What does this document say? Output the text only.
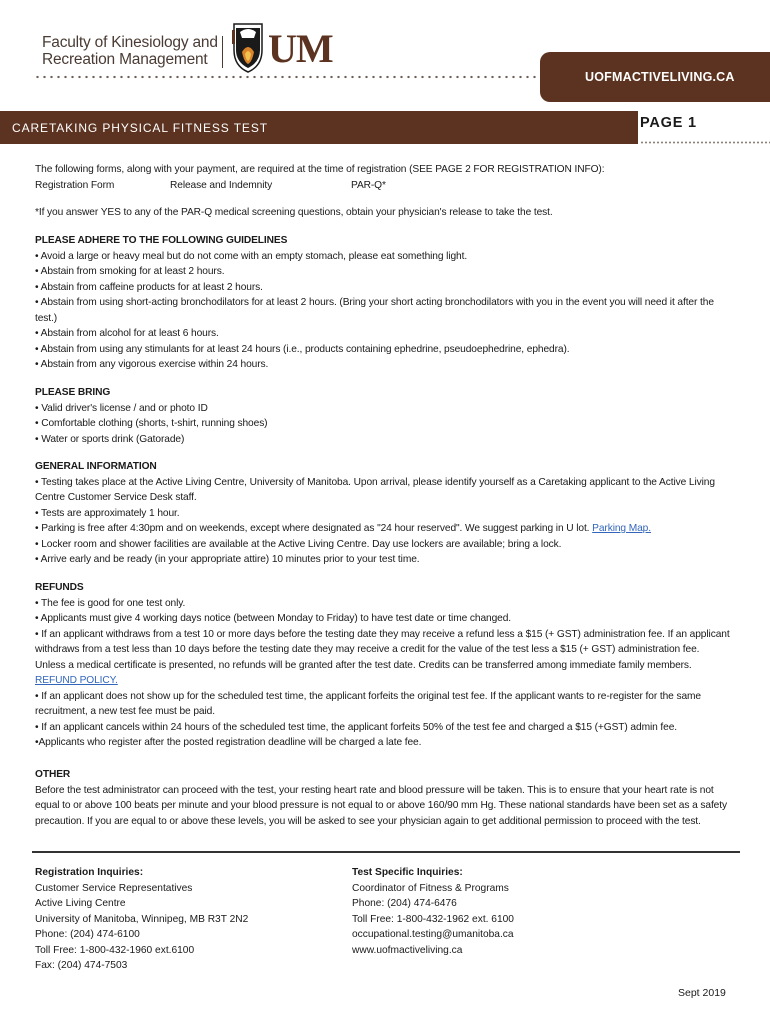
Faculty of Kinesiology and
Recreation Management UM
UOFMACTIVELIVING.CA
CARETAKING PHYSICAL FITNESS TEST	PAGE 1
The following forms, along with your payment, are required at the time of registration (SEE PAGE 2 FOR REGISTRATION INFO):
Registration Form	Release and Indemnity	PAR-Q*
*If you answer YES to any of the PAR-Q medical screening questions, obtain your physician's release to take the test.
PLEASE ADHERE TO THE FOLLOWING GUIDELINES
• Avoid a large or heavy meal but do not come with an empty stomach, please eat something light.
• Abstain from smoking for at least 2 hours.
• Abstain from caffeine products for at least 2 hours.
• Abstain from using short-acting bronchodilators for at least 2 hours. (Bring your short acting bronchodilators with you in the event you will need it after the test.)
• Abstain from alcohol for at least 6 hours.
• Abstain from using any stimulants for at least 24 hours (i.e., products containing ephedrine, pseudoephedrine, ephedra).
• Abstain from any vigorous exercise within 24 hours.
PLEASE BRING
• Valid driver's license / and or photo ID
• Comfortable clothing (shorts, t-shirt, running shoes)
• Water or sports drink (Gatorade)
GENERAL INFORMATION
• Testing takes place at the Active Living Centre, University of Manitoba. Upon arrival, please identify yourself as a Caretaking applicant to the Active Living Centre Customer Service Desk staff.
• Tests are approximately 1 hour.
• Parking is free after 4:30pm and on weekends, except where designated as "24 hour reserved". We suggest parking in U lot. Parking Map.
• Locker room and shower facilities are available at the Active Living Centre. Day use lockers are available; bring a lock.
• Arrive early and be ready (in your appropriate attire) 10 minutes prior to your test time.
REFUNDS
• The fee is good for one test only.
• Applicants must give 4 working days notice (between Monday to Friday) to have test date or time changed.
• If an applicant withdraws from a test 10 or more days before the testing date they may receive a refund less a $15 (+ GST) administration fee. If an applicant withdraws from a test less than 10 days before the testing date they may receive a credit for the value of the test less a $15 (+ GST) administration fee. Unless a medical certificate is presented, no refunds will be granted after the test date. Credits can be transferred among immediate family members. REFUND POLICY.
• If an applicant does not show up for the scheduled test time, the applicant forfeits the original test fee. If the applicant wants to re-register for the same recruitment, a new test fee must be paid.
• If an applicant cancels within 24 hours of the scheduled test time, the applicant forfeits 50% of the test fee and charged a $15 (+GST) admin fee.
•Applicants who register after the posted registration deadline will be charged a late fee.
OTHER
Before the test administrator can proceed with the test, your resting heart rate and blood pressure will be taken. This is to ensure that your heart rate is not equal to or above 100 beats per minute and your blood pressure is not equal to or above 160/90 mm Hg. These national standards have been set as a safety precaution. If you are equal to or above these levels, you will be asked to see your physician again to get additional permission to proceed with the test.
Registration Inquiries:
Customer Service Representatives
Active Living Centre
University of Manitoba, Winnipeg, MB R3T 2N2
Phone: (204) 474-6100
Toll Free: 1-800-432-1960 ext.6100
Fax: (204) 474-7503
Test Specific Inquiries:
Coordinator of Fitness & Programs
Phone: (204) 474-6476
Toll Free: 1-800-432-1962 ext. 6100
occupational.testing@umanitoba.ca
www.uofmactiveliving.ca
Sept 2019
